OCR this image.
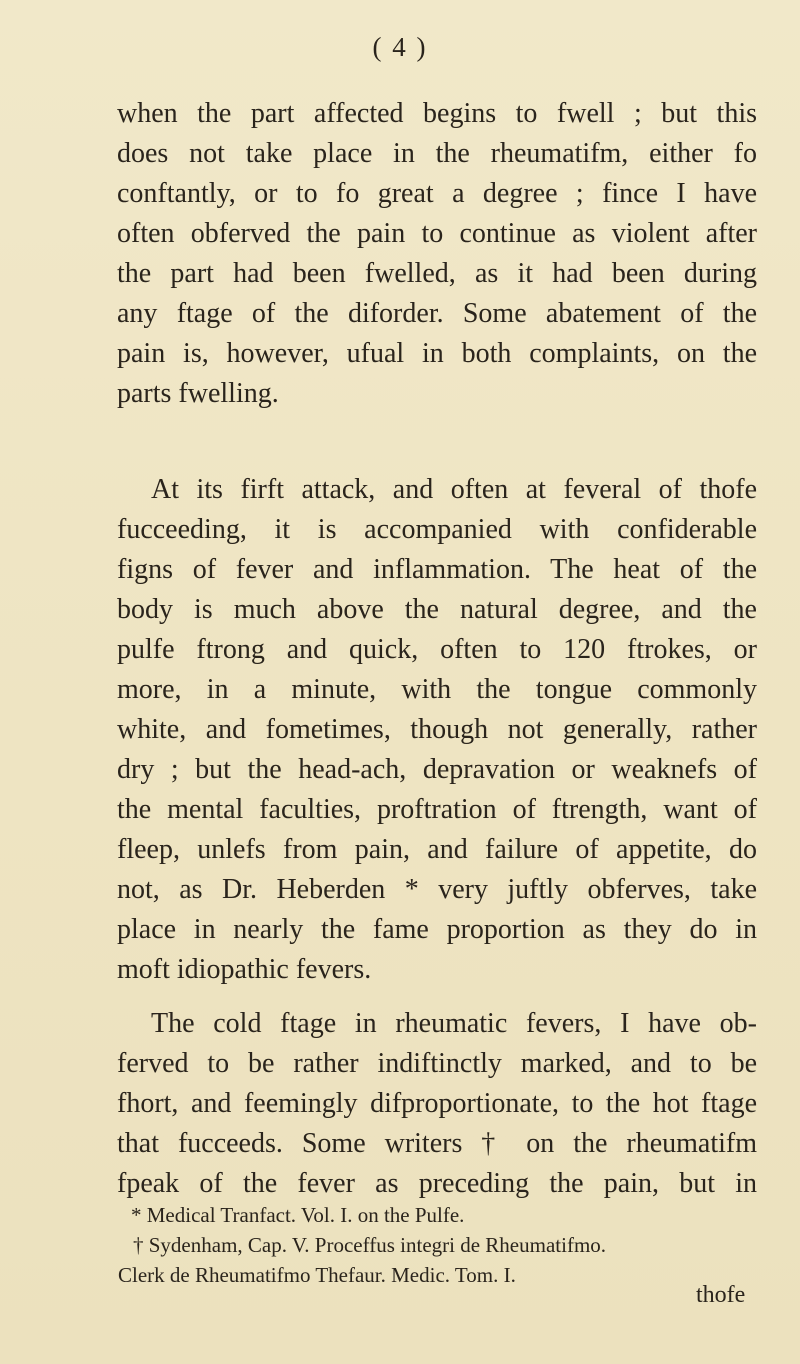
( 4 )
when the part affected begins to fwell ; but this
does not take place in the rheumatifm, either fo
conftantly, or to fo great a degree ; fince I have
often obferved the pain to continue as violent after
the part had been fwelled, as it had been during
any ftage of the diforder. Some abatement of the
pain is, however, ufual in both complaints, on the
parts fwelling.
At its firft attack, and often at feveral of thofe
fucceeding, it is accompanied with confiderable
figns of fever and inflammation. The heat of the
body is much above the natural degree, and the
pulfe ftrong and quick, often to 120 ftrokes, or
more, in a minute, with the tongue commonly
white, and fometimes, though not generally, rather
dry ; but the head-ach, depravation or weaknefs of
the mental faculties, proftration of ftrength, want of
fleep, unlefs from pain, and failure of appetite, do
not, as Dr. Heberden * very juftly obferves, take
place in nearly the fame proportion as they do in
moft idiopathic fevers.
The cold ftage in rheumatic fevers, I have ob-
ferved to be rather indiftinctly marked, and to be
fhort, and feemingly difproportionate, to the hot ftage
that fucceeds. Some writers † on the rheumatifm
fpeak of the fever as preceding the pain, but in
* Medical Tranfact. Vol. I. on the Pulfe.
† Sydenham, Cap. V. Proceffus integri de Rheumatifmo.
Clerk de Rheumatifmo Thefaur. Medic. Tom. I.
thofe
